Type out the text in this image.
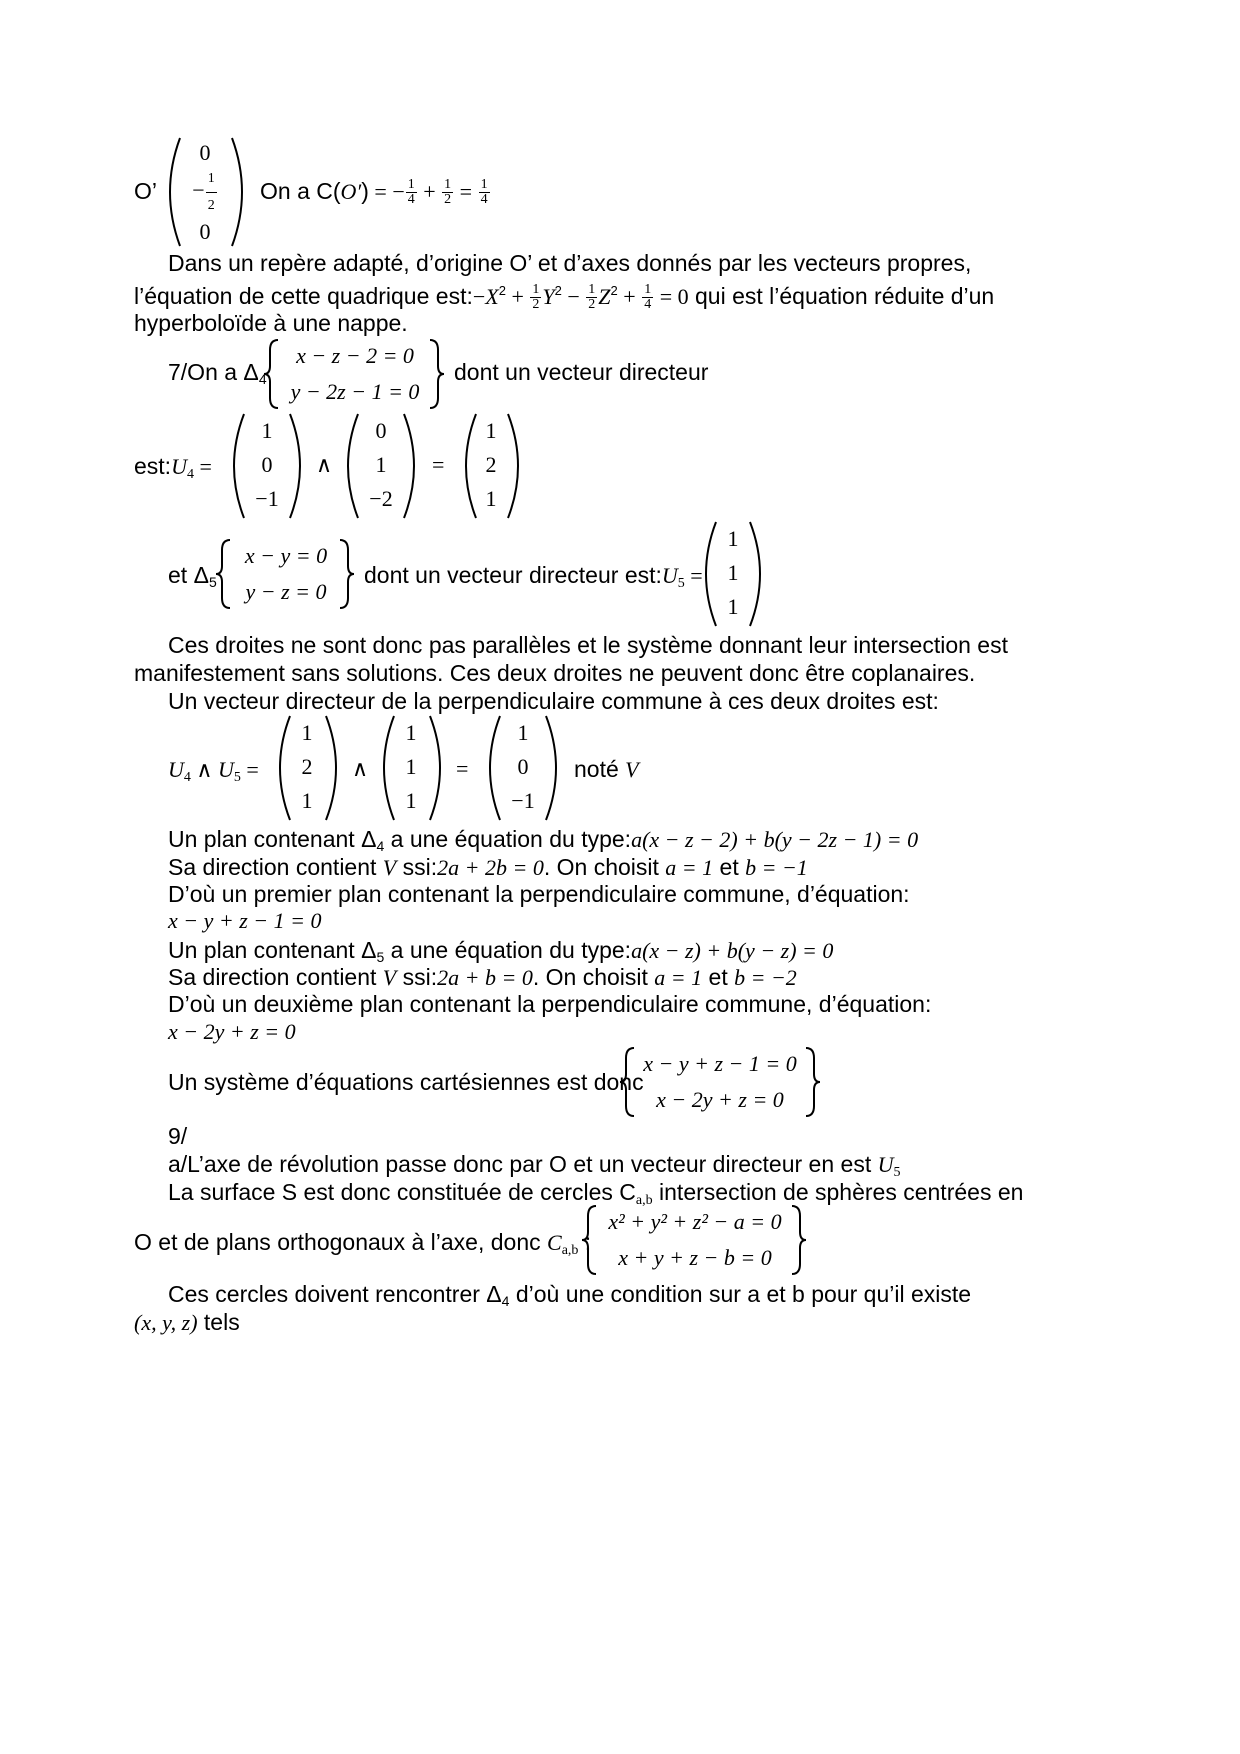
O’
0
− $\frac{1}{2}$
0
On a C(O′) = − $\frac{1}{4} + \frac{1}{2} = \frac{1}{4}$
Dans un repère adapté, d’origine O’ et d’axes donnés par les vecteurs propres,
l’équation de cette quadrique $est:-X^2 + \frac{1}{2} Y^2 - \frac{1}{2} Z^2 + \frac{1}{4} = 0$ qui est l’équation réduite d’un
hyperboloïde à une nappe.
7/On a $\Delta_4$
x − z − 2 = 0
y − 2z − 1 = 0
dont un vecteur directeur
$est:U_4$ =
1
0
−1
∧
0
1
−2
=
1
2
1
et $\Delta_5$
x − y = 0
y − z = 0
dont un vecteur directeur $est:U_5$ =
1
1
1
Ces droites ne sont donc pas parallèles et le système donnant leur intersection est
manifestement sans solutions. Ces deux droites ne peuvent donc être coplanaires.
Un vecteur directeur de la perpendiculaire commune à ces deux droites est:
$U_4$ ∧ $U_5$ =
1
2
1
∧
1
1
1
=
1
0
−1
noté V
Un plan contenant $\Delta_4$ a une équation du type:a(x − z − 2) + b(y − 2z − 1) = 0
Sa direction contient V ssi:2a + 2b = 0. On choisit a = 1 et b = −1
D’où un premier plan contenant la perpendiculaire commune, d’équation:
x − y + z − 1 = 0
Un plan contenant $\Delta_5$ a une équation du type:a(x − z) + b(y − z) = 0
Sa direction contient V ssi:2a + b = 0. On choisit a = 1 et b = −2
D’où un deuxième plan contenant la perpendiculaire commune, d’équation:
x − 2y + z = 0
Un système d’équations cartésiennes est donc
x − y + z − 1 = 0
x − 2y + z = 0
9/
a/L’axe de révolution passe donc par O et un vecteur directeur en est $U_5$
La surface S est donc constituée de cercles $C_{a,b}$ intersection de sphères centrées en
O et de plans orthogonaux à l’axe, donc $C_{a,b}$ :
x² + y² + z² − a = 0
x + y + z − b = 0
Ces cercles doivent rencontrer $\Delta_4$ d’où une condition sur a et b pour qu’il existe
(x, y, z) tels
